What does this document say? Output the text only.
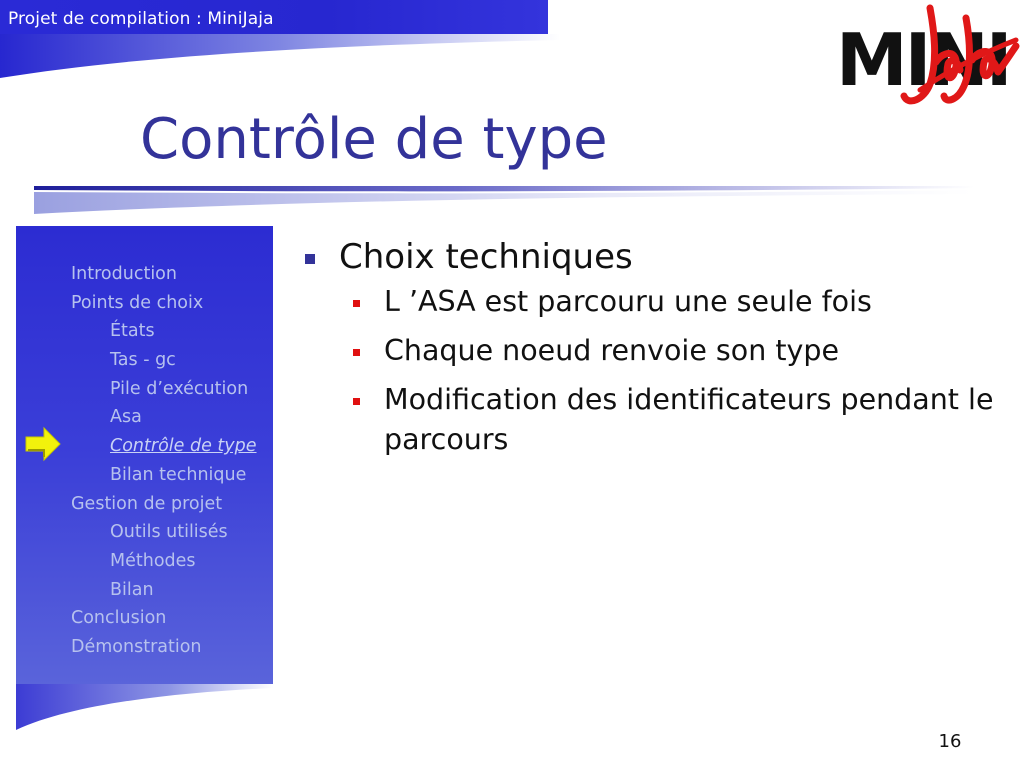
Projet de compilation : MiniJaja	MINI
Contrôle de type
Introduction
Points de choix
États
Tas - gc
Pile d’exécution
Asa
Contrôle de type
Bilan technique
Gestion de projet
Outils utilisés
Méthodes
Bilan
Conclusion
Démonstration
Choix techniques
L ’ASA est parcouru une seule fois
Chaque noeud renvoie son type
Modification des identificateurs pendant le parcours
16
